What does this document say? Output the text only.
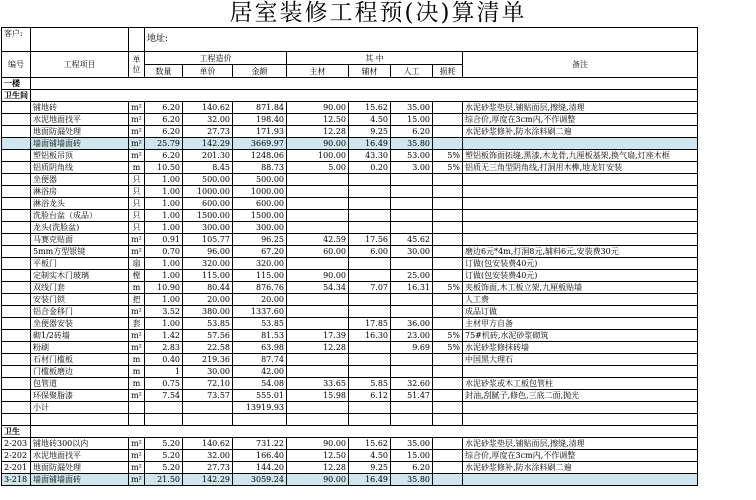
居室装修工程预(决)算清单
客户:			地址:							
编号	工程项目	单位	工程造价			其 中				备注
			数量	单价	金额	主材	辅材	人工	损耗	
一楼										
卫生间										
	铺地砖	m²	6.20	140.62	871.84	90.00	15.62	35.00		水泥砂浆垫层,铺贴面层,擦缝,清理
	水泥地面找平	m²	6.20	32.00	198.40	12.50	4.50	15.00		综合价,厚度在3cm内,不作调整
	地面防漏处理	m²	6.20	27.73	171.93	12.28	9.25	6.20		水泥砂浆修补,防水涂料刷二遍
	墙面铺墙面砖	m²	25.79	142.29	3669.97	90.00	16.49	35.80		
	塑铝板吊顶	m²	6.20	201.30	1248.06	100.00	43.30	53.00	5%	塑铝板饰面拓缝,黑漆,木龙骨,九厘板基架,换气扇,灯座木框
	铝质阴角线	m	10.50	8.45	88.73	5.00	0.20	3.00	5%	铝质无三角型阴角线,打洞用木榫,地龙钉安装
	坐便器	只	1.00	500.00	500.00					
	淋浴房	只	1.00	1000.00	1000.00					
	淋浴龙头	只	1.00	600.00	600.00					
	洗脸台盆（成品）	只	1.00	1500.00	1500.00					
	龙头(洗脸盆)	只	1.00	300.00	300.00					
	马赛克贴面	m²	0.91	105.77	96.25	42.59	17.56	45.62		
	5mm方型银镜	m²	0.70	96.00	67.20	60.00	6.00	30.00		磨边6元*4m,打洞8元,辅料6元,安装费30元
	平板门	扇	1.00	320.00	320.00					订做(包安装费40元)
	定制实木门玻璃	樘	1.00	115.00	115.00	90.00		25.00		订做(包安装费40元)
	双线门套	m	10.90	80.44	876.76	54.34	7.07	16.31	5%	夹板饰面,木工板立架,九厘板贴墙
	安装门锁	把	1.00	20.00	20.00					人工费
	铝合金移门	m²	3.52	380.00	1337.60					成品订做
	坐便器安装	套	1.00	53.85	53.85		17.85	36.00		主材甲方自备
	砌1/2砖墙	m²	1.42	57.56	81.53	17.39	16.30	23.00	5%	75#机砖,水泥砂浆砌筑
	粉刷	m²	2.83	22.58	63.98	12.28		9.69	5%	水泥砂浆修抹砖墙
	石材门槛板	m	0.40	219.36	87.74					中国黑大理石
	门槛板磨边	m	1	30.00	42.00					
	包管道	m	0.75	72.10	54.08	33.65	5.85	32.60		水泥砂浆或木工板包管柱
	环保聚脂漆	m²	7.54	73.57	555.01	15.98	6.12	51.47		封油,刮腻子,修色,三底二面,抛光
	小计				13919.93					

卫生										
2-203	铺地砖300以内	m²	5.20	140.62	731.22	90.00	15.62	35.00		水泥砂浆垫层,铺贴面层,擦缝,清理
2-202	水泥地面找平	m²	5.20	32.00	166.40	12.50	4.50	15.00		综合价,厚度在3cm内,不作调整
2-201	地面防漏处理	m²	5.20	27.73	144.20	12.28	9.25	6.20		水泥砂浆修补,防水涂料刷二遍
3-218	墙面铺墙面砖	m²	21.50	142.29	3059.24	90.00	16.49	35.80		
